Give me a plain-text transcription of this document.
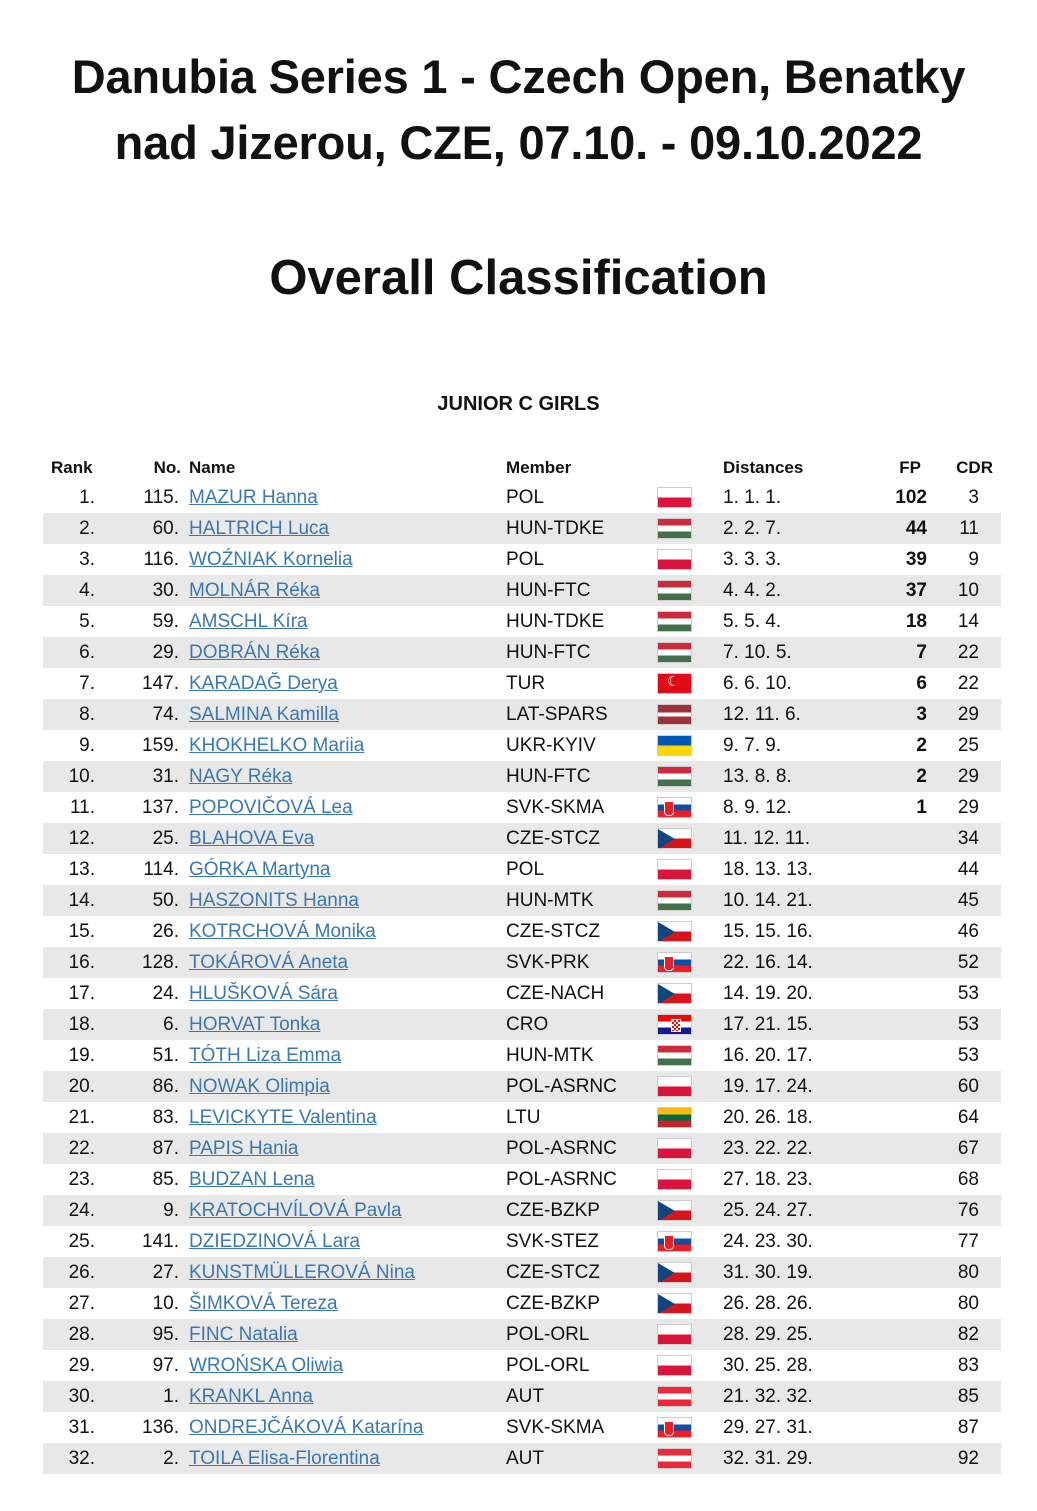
Danubia Series 1 - Czech Open, Benatky
nad Jizerou, CZE, 07.10. - 09.10.2022
Overall Classification
JUNIOR C GIRLS
Rank	No. Name	Member	Distances	FP CDR
1.	115. MAZUR Hanna	POL	1. 1. 1.	102 3
2.	60. HALTRICH Luca	HUN-TDKE	2. 2. 7.	44 11
3.	116. WOŹNIAK Kornelia	POL	3. 3. 3.	39 9
4.	30. MOLNÁR Réka	HUN-FTC	4. 4. 2.	37 10
5.	59. AMSCHL Kíra	HUN-TDKE	5. 5. 4.	18 14
6.	29. DOBRÁN Réka	HUN-FTC	7. 10. 5.	7 22
7. 147. KARADAĞ Derya	TUR
☾	6. 6. 10.	6 22
8.	74. SALMINA Kamilla	LAT-SPARS	12. 11. 6.	3 29
9. 159. KHOKHELKO Mariia	UKR-KYIV	9. 7. 9.	2 25
10.	31. NAGY Réka	HUN-FTC	13. 8. 8.	2 29
11. 137. POPOVIČOVÁ Lea	SVK-SKMA	8. 9. 12.	1 29
12.	25. BLAHOVA Eva	CZE-STCZ	11. 12. 11.	34
13.	114. GÓRKA Martyna	POL	18. 13. 13.	44
14.	50. HASZONITS Hanna	HUN-MTK	10. 14. 21.	45
15.	26. KOTRCHOVÁ Monika	CZE-STCZ	15. 15. 16.	46
16. 128. TOKÁROVÁ Aneta	SVK-PRK	22. 16. 14.	52
17.	24. HLUŠKOVÁ Sára	CZE-NACH	14. 19. 20.	53
18.	6. HORVAT Tonka	CRO	17. 21. 15.	53
19.	51. TÓTH Liza Emma	HUN-MTK	16. 20. 17.	53
20.	86. NOWAK Olimpia	POL-ASRNC	19. 17. 24.	60
21.	83. LEVICKYTE Valentina	LTU	20. 26. 18.	64
22.	87. PAPIS Hania	POL-ASRNC	23. 22. 22.	67
23.	85. BUDZAN Lena	POL-ASRNC	27. 18. 23.	68
24.	9. KRATOCHVÍLOVÁ Pavla	CZE-BZKP	25. 24. 27.	76
25. 141. DZIEDZINOVÁ Lara	SVK-STEZ	24. 23. 30.	77
26.	27. KUNSTMÜLLEROVÁ Nina	CZE-STCZ	31. 30. 19.	80
27.	10. ŠIMKOVÁ Tereza	CZE-BZKP	26. 28. 26.	80
28.	95. FINC Natalia	POL-ORL	28. 29. 25.	82
29.	97. WROŃSKA Oliwia	POL-ORL	30. 25. 28.	83
30.	1. KRANKL Anna	AUT	21. 32. 32.	85
31. 136. ONDREJČÁKOVÁ Katarína	SVK-SKMA	29. 27. 31.	87
32.	2. TOILA Elisa-Florentina	AUT	32. 31. 29.	92
